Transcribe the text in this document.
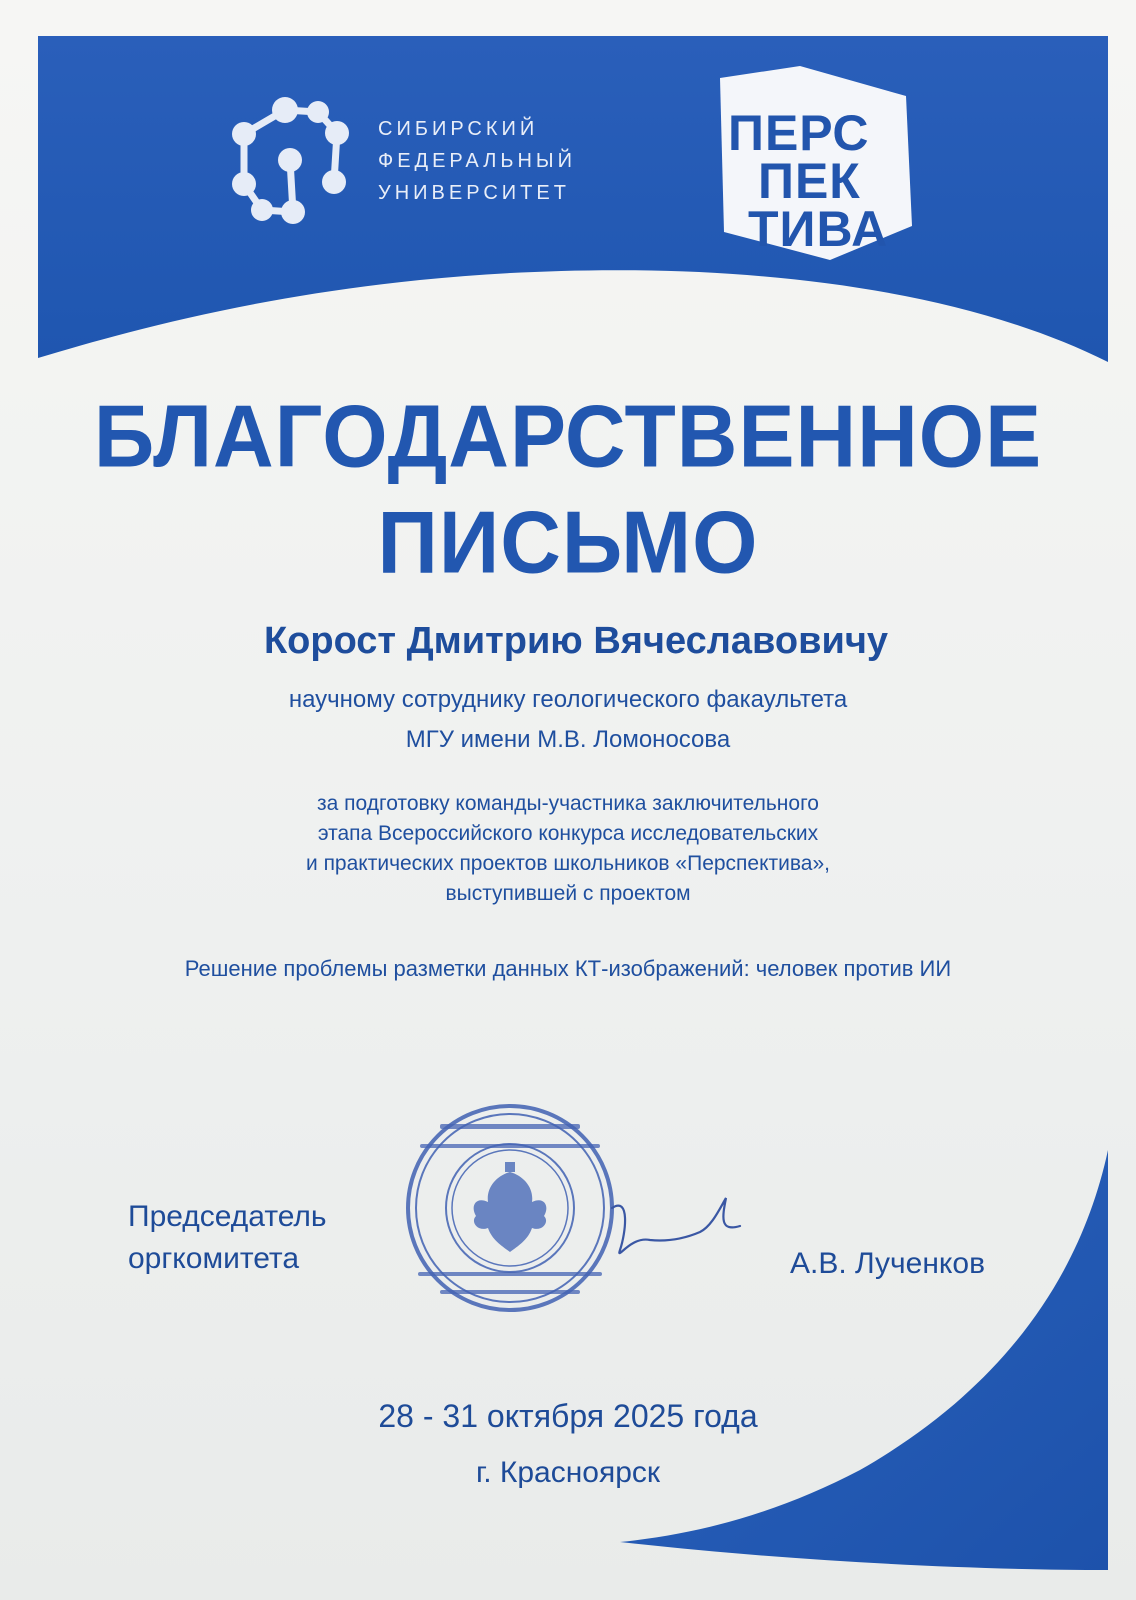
СИБИРСКИЙ
ФЕДЕРАЛЬНЫЙ
УНИВЕРСИТЕТ
ПЕРС
ПЕК
ТИВА
БЛАГОДАРСТВЕННОЕ
ПИСЬМО
Корост Дмитрию Вячеславовичу
научному сотруднику геологического факаультета
МГУ имени М.В. Ломоносова
за подготовку команды-участника заключительного
этапа Всероссийского конкурса исследовательских
и практических проектов школьников «Перспектива»,
выступившей с проектом
Решение проблемы разметки данных КТ-изображений: человек против ИИ
Председатель
оргкомитета	А.В. Лученков
28 - 31 октября 2025 года
г. Красноярск
